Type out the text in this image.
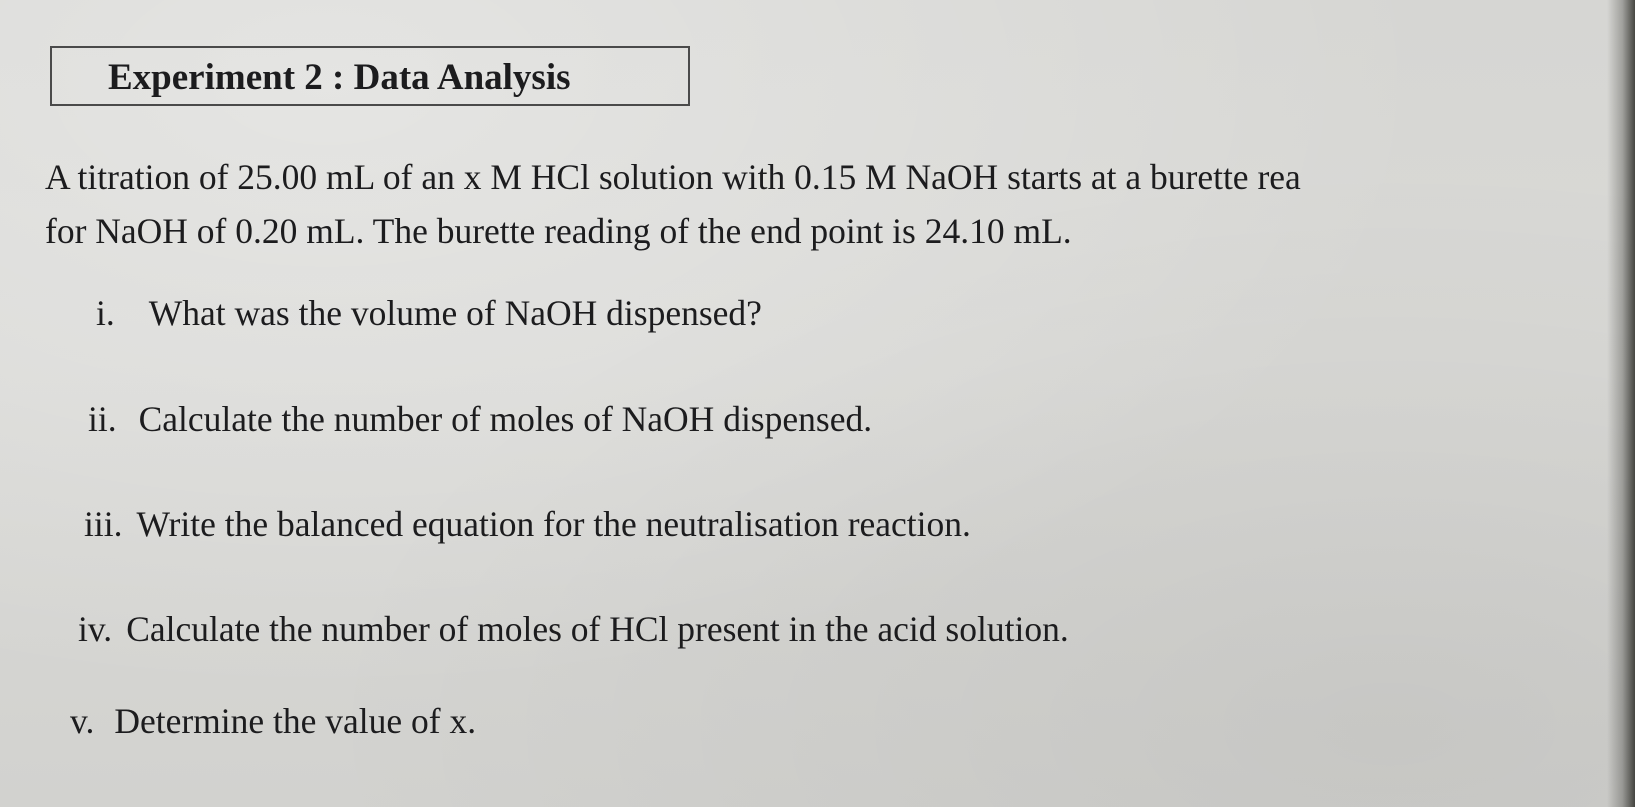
Experiment 2 : Data Analysis
A titration of 25.00 mL of an x M HCl solution with 0.15 M NaOH starts at a burette rea
for NaOH of 0.20 mL. The burette reading of the end point is 24.10 mL.
i. What was the volume of NaOH dispensed?
ii. Calculate the number of moles of NaOH dispensed.
iii. Write the balanced equation for the neutralisation reaction.
iv. Calculate the number of moles of HCl present in the acid solution.
v. Determine the value of x.
